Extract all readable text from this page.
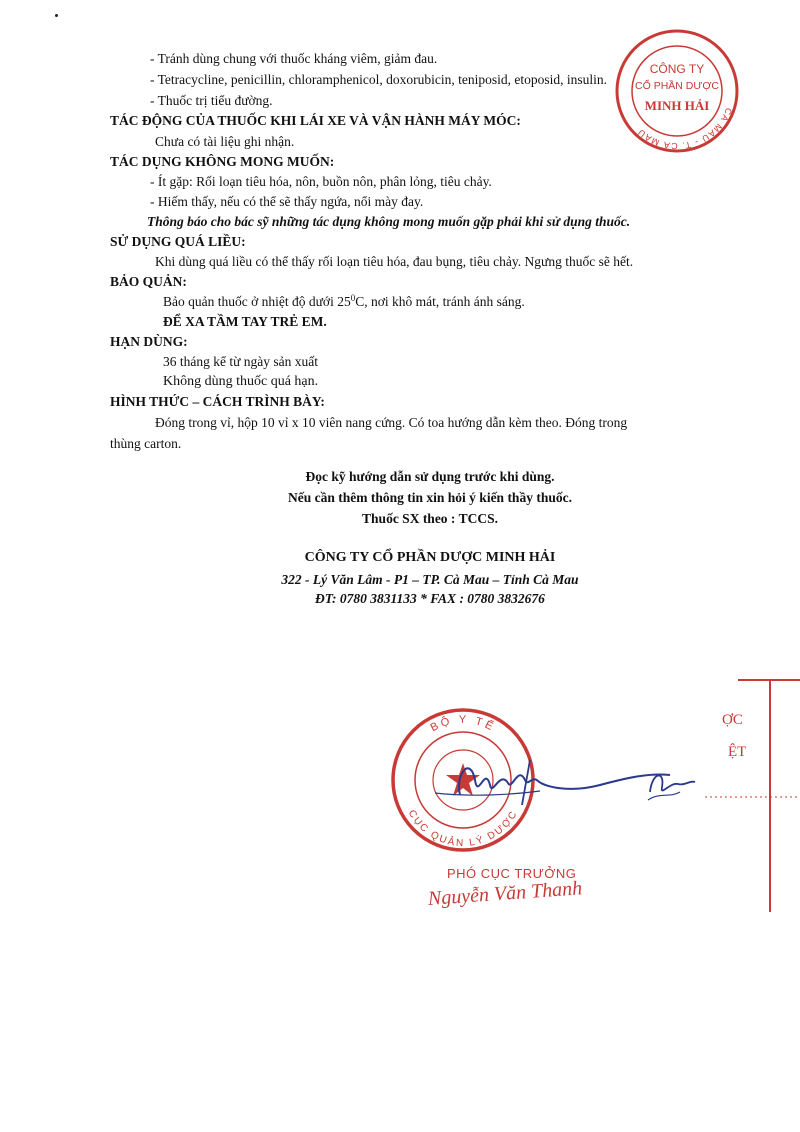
- Tránh dùng chung với thuốc kháng viêm, giảm đau.
- Tetracycline, penicillin, chloramphenicol, doxorubicin, teniposid, etoposid, insulin.
- Thuốc trị tiểu đường.
TÁC ĐỘNG CỦA THUỐC KHI LÁI XE VÀ VẬN HÀNH MÁY MÓC:
Chưa có tài liệu ghi nhận.
TÁC DỤNG KHÔNG MONG MUỐN:
- Ít gặp: Rối loạn tiêu hóa, nôn, buồn nôn, phân lỏng, tiêu chảy.
- Hiếm thấy, nếu có thể sẽ thấy ngứa, nổi mày đay.
Thông báo cho bác sỹ những tác dụng không mong muốn gặp phải khi sử dụng thuốc.
SỬ DỤNG QUÁ LIỀU:
Khi dùng quá liều có thể thấy rối loạn tiêu hóa, đau bụng, tiêu chảy. Ngưng thuốc sẽ hết.
BẢO QUẢN:
Bảo quản thuốc ở nhiệt độ dưới $25^0C$, nơi khô mát, tránh ánh sáng.
ĐỂ XA TẦM TAY TRẺ EM.
HẠN DÙNG:
36 tháng kể từ ngày sản xuất
Không dùng thuốc quá hạn.
HÌNH THỨC – CÁCH TRÌNH BÀY:
Đóng trong vỉ, hộp 10 vỉ x 10 viên nang cứng. Có toa hướng dẫn kèm theo. Đóng trong
thùng carton.
Đọc kỹ hướng dẫn sử dụng trước khi dùng.
Nếu cần thêm thông tin xin hỏi ý kiến thầy thuốc.
Thuốc SX theo : TCCS.
CÔNG TY CỔ PHẦN DƯỢC MINH HẢI
322 - Lý Văn Lâm - P1 – TP. Cà Mau – Tỉnh Cà Mau
ĐT: 0780 3831133 * FAX : 0780 3832676
CÀ MAU - T. CÀ MAU
CÔNG TY
CỔ PHẦN DƯỢC
MINH HẢI
ỢC
ỆT
BỘ Y TẾ
CỤC QUẢN LÝ DƯỢC
PHÓ CỤC TRƯỞNG
Nguyễn Văn Thanh
